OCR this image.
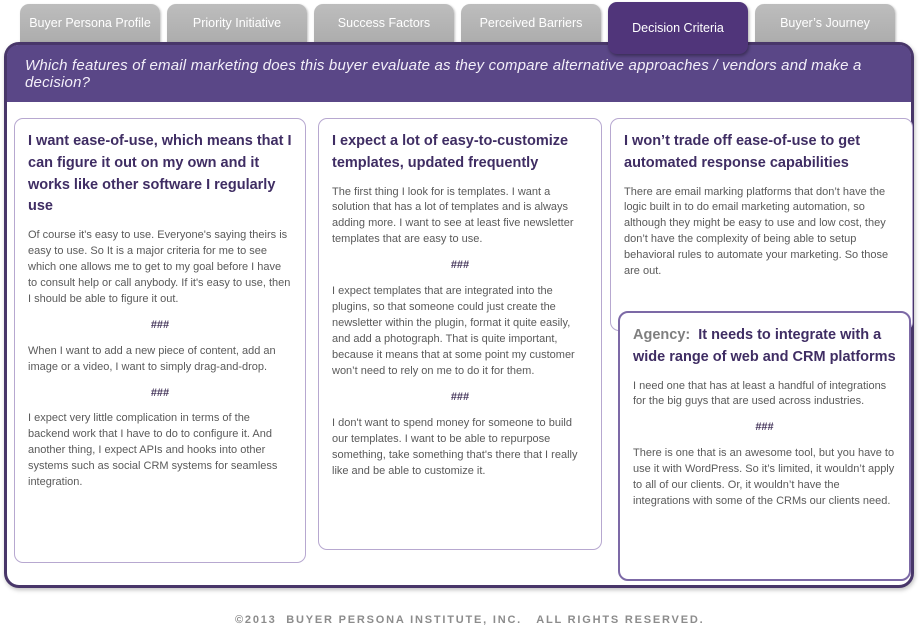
Buyer Persona Profile	Priority Initiative	Success Factors	Perceived Barriers	Decision Criteria	Buyer’s Journey
Which features of email marketing does this buyer evaluate as they compare alternative approaches / vendors and make a decision?
I want ease-of-use, which means that I can figure it out on my own and it works like other software I regularly use

Of course it's easy to use. Everyone's saying theirs is easy to use. So It is a major criteria for me to see which one allows me to get to my goal before I have to consult help or call anybody. If it's easy to use, then I should be able to figure it out.

###

When I want to add a new piece of content, add an image or a video, I want to simply drag-and-drop.

###

I expect very little complication in terms of the backend work that I have to do to configure it. And another thing, I expect APIs and hooks into other systems such as social CRM systems for seamless integration.

I expect a lot of easy-to-customize templates, updated frequently

The first thing I look for is templates. I want a solution that has a lot of templates and is always adding more. I want to see at least five newsletter templates that are easy to use.

###

I expect templates that are integrated into the plugins, so that someone could just create the newsletter within the plugin, format it quite easily, and add a photograph. That is quite important, because it means that at some point my customer won’t need to rely on me to do it for them.

###

I don't want to spend money for someone to build our templates. I want to be able to repurpose something, take something that's there that I really like and be able to customize it.

I won’t trade off ease-of-use to get automated response capabilities

There are email marking platforms that don’t have the logic built in to do email marketing automation, so although they might be easy to use and low cost, they don’t have the complexity of being able to setup behavioral rules to automate your marketing. So those are out.

Agency: It needs to integrate with a wide range of web and CRM platforms

I need one that has at least a handful of integrations for the big guys that are used across industries.

###

There is one that is an awesome tool, but you have to use it with WordPress. So it’s limited, it wouldn’t apply to all of our clients. Or, it wouldn’t have the integrations with some of the CRMs our clients need.

©2013  BUYER PERSONA INSTITUTE, INC.   ALL RIGHTS RESERVED.
